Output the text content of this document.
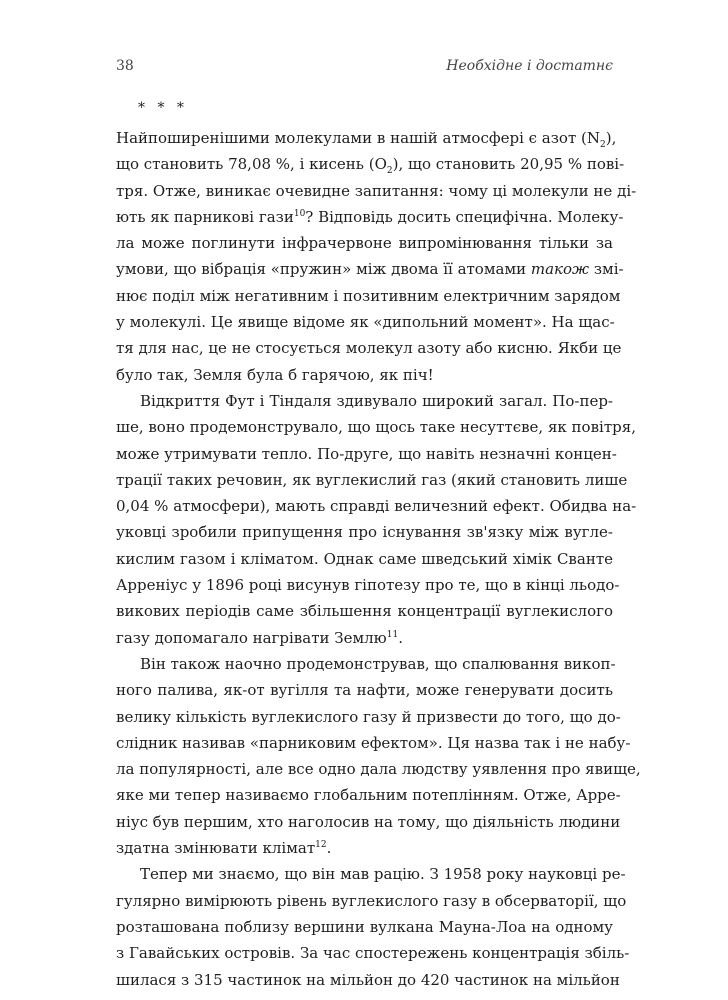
38	Необхідне і достатнє
* * *
Найпоширенішими молекулами в нашій атмосфері є азот $(N_2)$,
що становить 78,08 %, і кисень $(O_2)$, що становить 20,95 % пові-
тря. Отже, виникає очевидне запитання: чому ці молекули не ді-
ють як парникові гази$^{10}$? Відповідь досить специфічна. Молеку-
ла може поглинути інфрачервоне випромінювання тільки за
умови, що вібрація «пружин» між двома її атомами також змі-
нює поділ між негативним і позитивним електричним зарядом
у молекулі. Це явище відоме як «дипольний момент». На щас-
тя для нас, це не стосується молекул азоту або кисню. Якби це
було так, Земля була б гарячою, як піч!
Відкриття Фут і Тіндаля здивувало широкий загал. По-пер-
ше, воно продемонструвало, що щось таке несуттєве, як повітря,
може утримувати тепло. По-друге, що навіть незначні концен-
трації таких речовин, як вуглекислий газ (який становить лише
0,04 % атмосфери), мають справді величезний ефект. Обидва на-
уковці зробили припущення про існування зв'язку між вугле-
кислим газом і кліматом. Однак саме шведський хімік Сванте
Арреніус у 1896 році висунув гіпотезу про те, що в кінці льодо-
викових періодів саме збільшення концентрації вуглекислого
газу допомагало нагрівати Землю$^{11}$.
Він також наочно продемонстрував, що спалювання викоп-
ного палива, як-от вугілля та нафти, може генерувати досить
велику кількість вуглекислого газу й призвести до того, що до-
слідник називав «парниковим ефектом». Ця назва так і не набу-
ла популярності, але все одно дала людству уявлення про явище,
яке ми тепер називаємо глобальним потеплінням. Отже, Арре-
ніус був першим, хто наголосив на тому, що діяльність людини
здатна змінювати клімат$^{12}$.
Тепер ми знаємо, що він мав рацію. З 1958 року науковці ре-
гулярно вимірюють рівень вуглекислого газу в обсерваторії, що
розташована поблизу вершини вулкана Мауна-Лоа на одному
з Гавайських островів. За час спостережень концентрація збіль-
шилася з 315 частинок на мільйон до 420 частинок на мільйон
